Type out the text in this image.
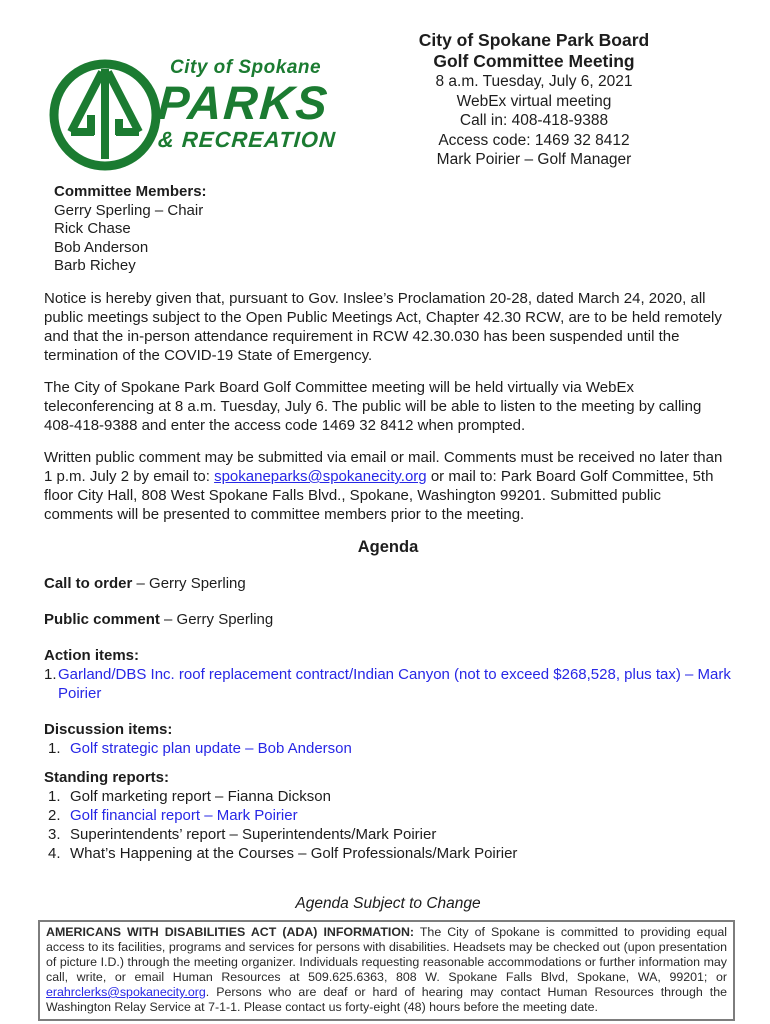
City of Spokane
PARKS
& RECREATION
City of Spokane Park Board
Golf Committee Meeting
8 a.m. Tuesday, July 6, 2021
WebEx virtual meeting
Call in: 408-418-9388
Access code: 1469 32 8412
Mark Poirier – Golf Manager
Committee Members:
Gerry Sperling – Chair
Rick Chase
Bob Anderson
Barb Richey
Notice is hereby given that, pursuant to Gov. Inslee’s Proclamation 20-28, dated March 24, 2020, all public meetings subject to the Open Public Meetings Act, Chapter 42.30 RCW, are to be held remotely and that the in-person attendance requirement in RCW 42.30.030 has been suspended until the termination of the COVID-19 State of Emergency.
The City of Spokane Park Board Golf Committee meeting will be held virtually via WebEx teleconferencing at 8 a.m. Tuesday, July 6. The public will be able to listen to the meeting by calling 408-418-9388 and enter the access code 1469 32 8412 when prompted.
Written public comment may be submitted via email or mail. Comments must be received no later than 1 p.m. July 2 by email to: spokaneparks@spokanecity.org or mail to: Park Board Golf Committee, 5th floor City Hall, 808 West Spokane Falls Blvd., Spokane, Washington 99201. Submitted public comments will be presented to committee members prior to the meeting.
Agenda
Call to order – Gerry Sperling
Public comment – Gerry Sperling
Action items:
1. Garland/DBS Inc. roof replacement contract/Indian Canyon (not to exceed $268,528, plus tax) – Mark Poirier
Discussion items:
1. Golf strategic plan update – Bob Anderson
Standing reports:
1. Golf marketing report – Fianna Dickson
2. Golf financial report – Mark Poirier
3. Superintendents’ report – Superintendents/Mark Poirier
4. What’s Happening at the Courses – Golf Professionals/Mark Poirier
Agenda Subject to Change
AMERICANS WITH DISABILITIES ACT (ADA) INFORMATION: The City of Spokane is committed to providing equal access to its facilities, programs and services for persons with disabilities. Headsets may be checked out (upon presentation of picture I.D.) through the meeting organizer. Individuals requesting reasonable accommodations or further information may call, write, or email Human Resources at 509.625.6363, 808 W. Spokane Falls Blvd, Spokane, WA, 99201; or erahrclerks@spokanecity.org. Persons who are deaf or hard of hearing may contact Human Resources through the Washington Relay Service at 7-1-1. Please contact us forty-eight (48) hours before the meeting date.
